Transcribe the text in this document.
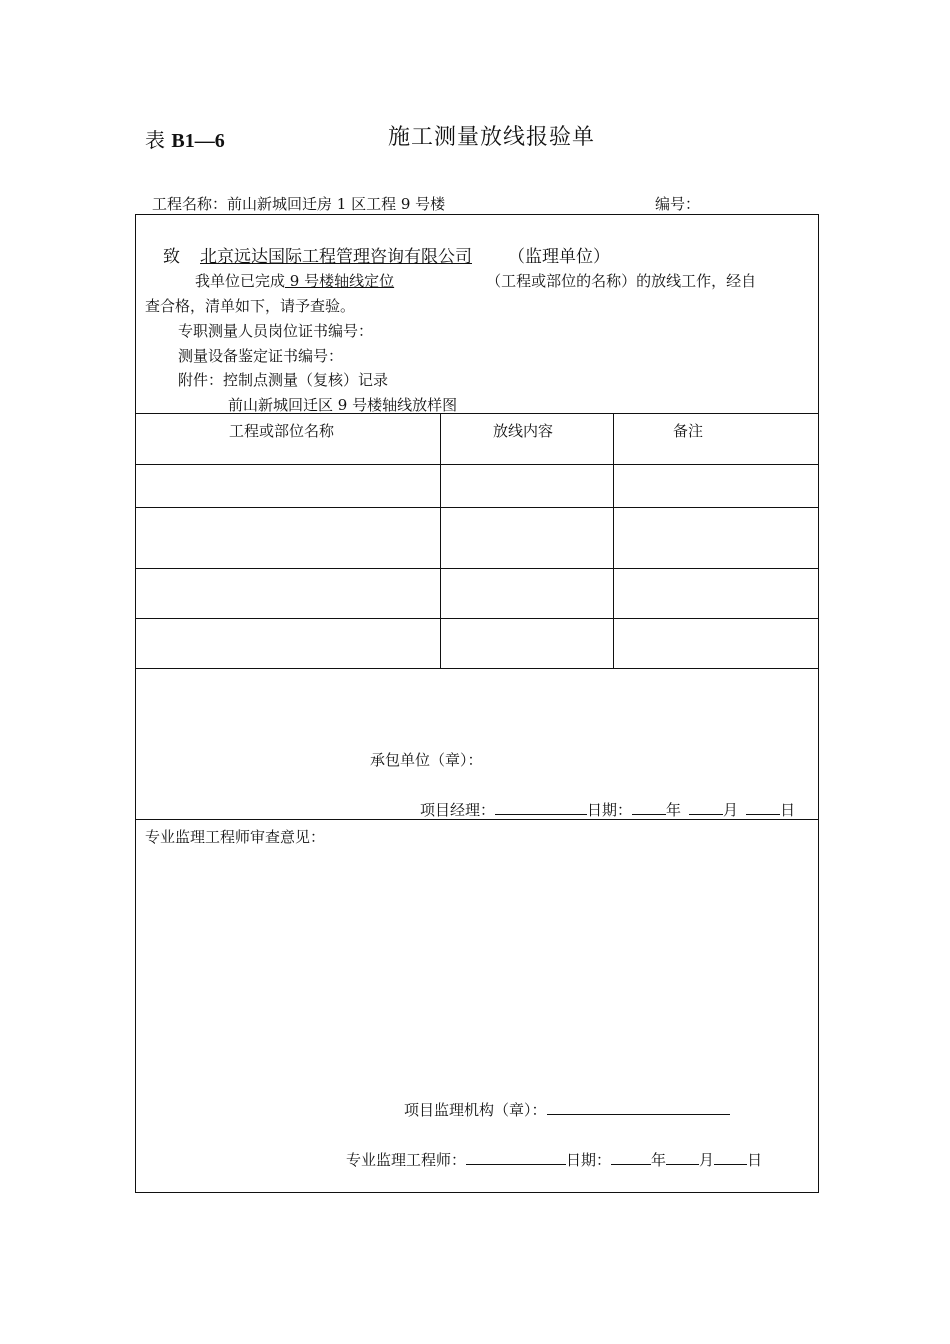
表 B1—6	施工测量放线报验单
工程名称：前山新城回迁房 1 区工程 9 号楼	编号：
致 北京远达国际工程管理咨询有限公司 （监理单位）
我单位已完成 9 号楼轴线定位	（工程或部位的名称）的放线工作，经自
查合格，清单如下，请予查验。
专职测量人员岗位证书编号：
测量设备鉴定证书编号：
附件：控制点测量（复核）记录
前山新城回迁区 9 号楼轴线放样图
工程或部位名称	放线内容	备注
承包单位（章）：
项目经理：	日期： 年	月	日
专业监理工程师审查意见：
项目监理机构（章）：
专业监理工程师：	日期：	年 月 日
